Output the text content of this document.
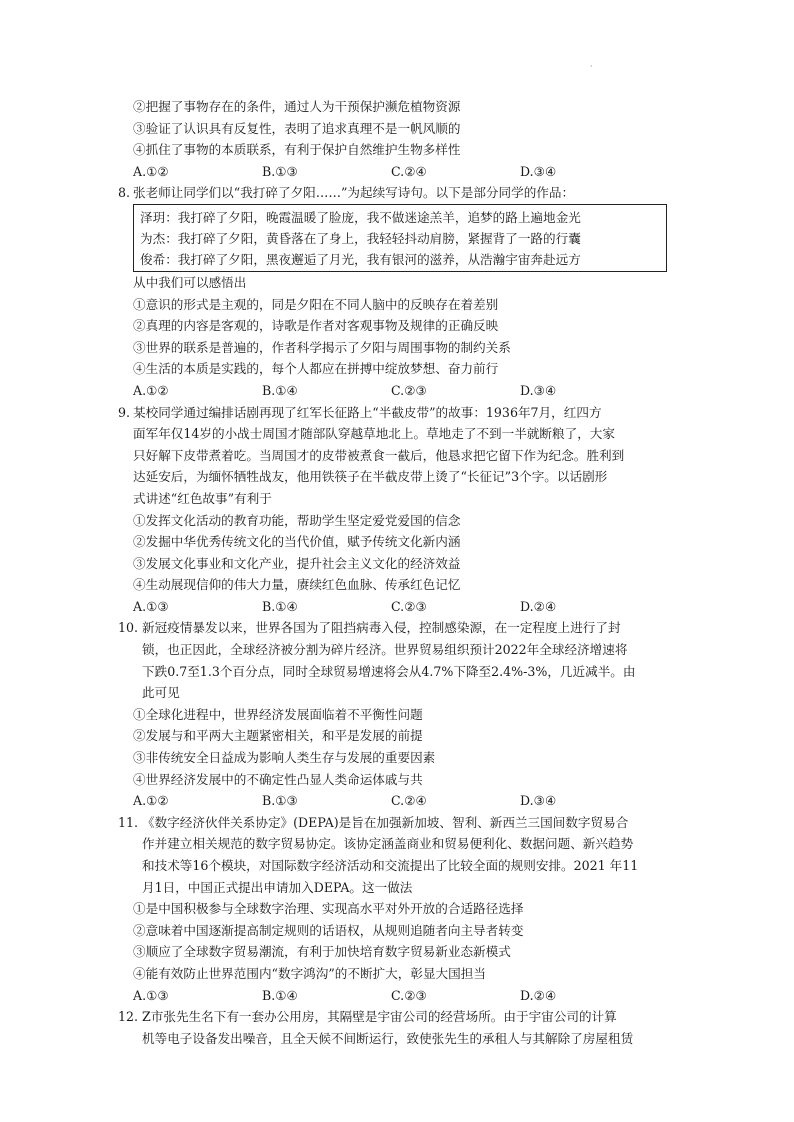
·
②把握了事物存在的条件，通过人为干预保护濒危植物资源
③验证了认识具有反复性，表明了追求真理不是一帆风顺的
④抓住了事物的本质联系，有利于保护自然维护生物多样性
A.①②	B.①③	C.②④	D.③④
8. 张老师让同学们以“我打碎了夕阳……”为起续写诗句。以下是部分同学的作品：
泽玥：我打碎了夕阳，晚霞温暖了脸庞，我不做迷途羔羊，追梦的路上遍地金光
为杰：我打碎了夕阳，黄昏落在了身上，我轻轻抖动肩膀，紧握背了一路的行囊
俊希：我打碎了夕阳，黑夜邂逅了月光，我有银河的滋养，从浩瀚宇宙奔赴远方
从中我们可以感悟出
①意识的形式是主观的，同是夕阳在不同人脑中的反映存在着差别
②真理的内容是客观的，诗歌是作者对客观事物及规律的正确反映
③世界的联系是普遍的，作者科学揭示了夕阳与周围事物的制约关系
④生活的本质是实践的，每个人都应在拼搏中绽放梦想、奋力前行
A.①②	B.①④	C.②③	D.③④
9. 某校同学通过编排话剧再现了红军长征路上“半截皮带”的故事：1936年7月，红四方
面军年仅14岁的小战士周国才随部队穿越草地北上。草地走了不到一半就断粮了，大家
只好解下皮带煮着吃。当周国才的皮带被煮食一截后，他恳求把它留下作为纪念。胜利到
达延安后，为缅怀牺牲战友，他用铁筷子在半截皮带上烫了“长征记”3个字。以话剧形
式讲述“红色故事”有利于
①发挥文化活动的教育功能，帮助学生坚定爱党爱国的信念
②发掘中华优秀传统文化的当代价值，赋予传统文化新内涵
③发展文化事业和文化产业，提升社会主义文化的经济效益
④生动展现信仰的伟大力量，赓续红色血脉、传承红色记忆
A.①③	B.①④	C.②③	D.②④
10. 新冠疫情暴发以来，世界各国为了阻挡病毒入侵，控制感染源，在一定程度上进行了封
锁，也正因此，全球经济被分割为碎片经济。世界贸易组织预计2022年全球经济增速将
下跌0.7至1.3个百分点，同时全球贸易增速将会从4.7%下降至2.4%-3%，几近减半。由
此可见
①全球化进程中，世界经济发展面临着不平衡性问题
②发展与和平两大主题紧密相关，和平是发展的前提
③非传统安全日益成为影响人类生存与发展的重要因素
④世界经济发展中的不确定性凸显人类命运体戚与共
A.①②	B.①③	C.②④	D.③④
11. 《数字经济伙伴关系协定》(DEPA)是旨在加强新加坡、智利、新西兰三国间数字贸易合
作并建立相关规范的数字贸易协定。该协定涵盖商业和贸易便利化、数据问题、新兴趋势
和技术等16个模块，对国际数字经济活动和交流提出了比较全面的规则安排。2021 年11
月1日，中国正式提出申请加入DEPA。这一做法
①是中国积极参与全球数字治理、实现高水平对外开放的合适路径选择
②意味着中国逐渐提高制定规则的话语权，从规则追随者向主导者转变
③顺应了全球数字贸易潮流，有利于加快培育数字贸易新业态新模式
④能有效防止世界范围内“数字鸿沟”的不断扩大，彰显大国担当
A.①③	B.①④	C.②③	D.②④
12. Z市张先生名下有一套办公用房，其隔壁是宇宙公司的经营场所。由于宇宙公司的计算
机等电子设备发出噪音，且全天候不间断运行，致使张先生的承租人与其解除了房屋租赁
